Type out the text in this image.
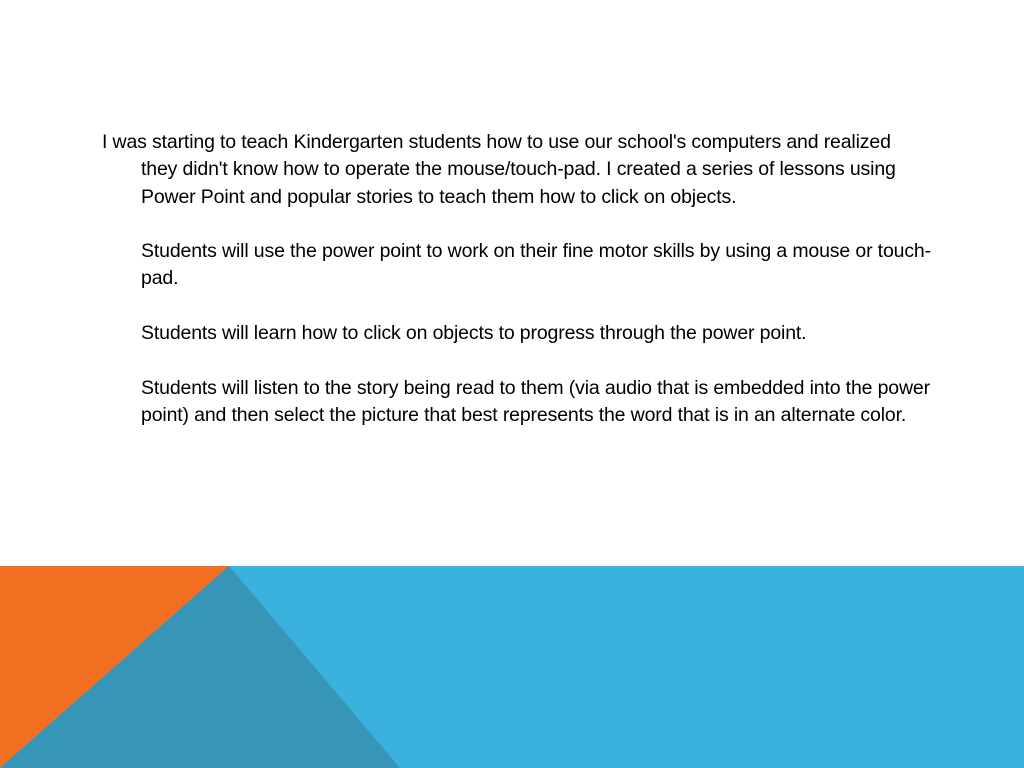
I was starting to teach Kindergarten students how to use our school's computers and realized they didn't know how to operate the mouse/touch-pad. I created a series of lessons using Power Point and popular stories to teach them how to click on objects.

Students will use the power point to work on their fine motor skills by using a mouse or touch-pad.

Students will learn how to click on objects to progress through the power point.

Students will listen to the story being read to them (via audio that is embedded into the power point) and then select the picture that best represents the word that is in an alternate color.
